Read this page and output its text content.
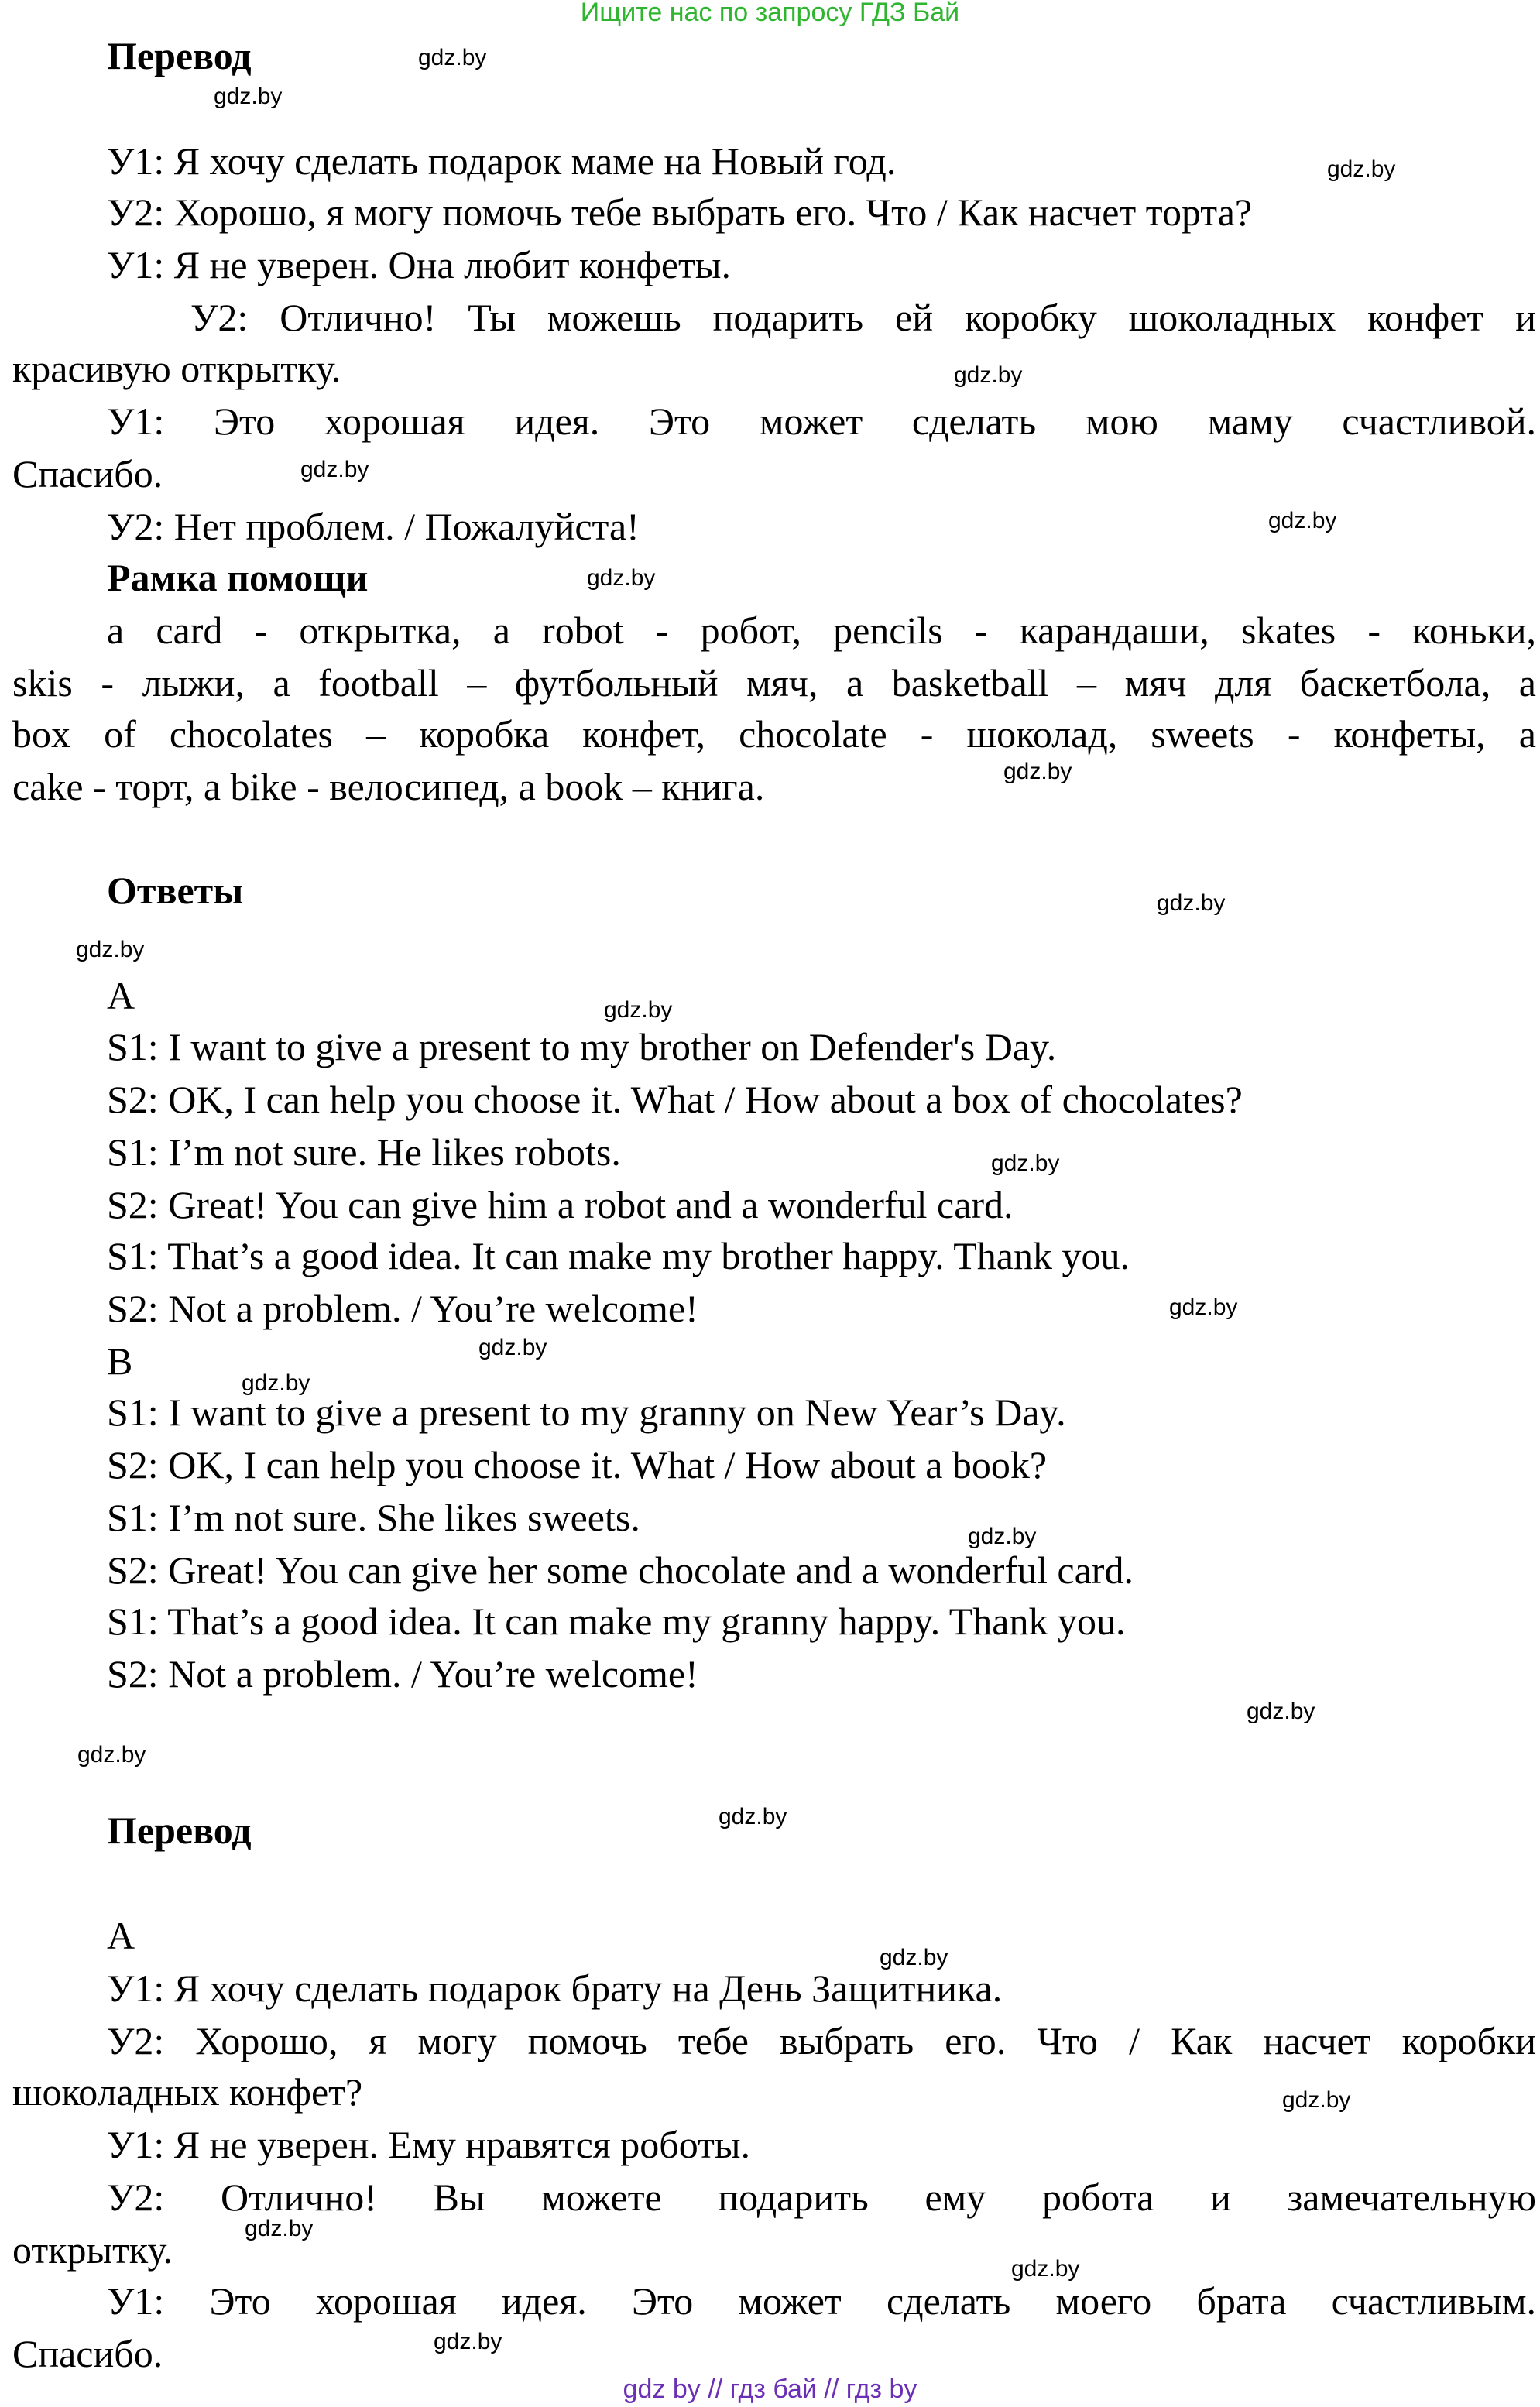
Ищите нас по запросу ГДЗ Бай
Перевод
У1: Я хочу сделать подарок маме на Новый год.
У2: Хорошо, я могу помочь тебе выбрать его. Что / Как насчет торта?
У1: Я не уверен. Она любит конфеты.
У2: Отлично! Ты можешь подарить ей коробку шоколадных конфет и
красивую открытку.
У1: Это хорошая идея. Это может сделать мою маму счастливой.
Спасибо.
У2: Нет проблем. / Пожалуйста!
Рамка помощи
a card - открытка, a robot - робот, pencils - карандаши, skates - коньки,
skis - лыжи, a football – футбольный мяч, a basketball – мяч для баскетбола, а
box of chocolates – коробка конфет, chocolate - шоколад, sweets - конфеты, a
cake - торт, a bike - велосипед, a book – книга.
Ответы
A
S1: I want to give a present to my brother on Defender's Day.
S2: OK, I can help you choose it. What / How about a box of chocolates?
S1: I’m not sure. He likes robots.
S2: Great! You can give him a robot and a wonderful card.
S1: That’s a good idea. It can make my brother happy. Thank you.
S2: Not a problem. / You’re welcome!
B
S1: I want to give a present to my granny on New Year’s Day.
S2: OK, I can help you choose it. What / How about a book?
S1: I’m not sure. She likes sweets.
S2: Great! You can give her some chocolate and a wonderful card.
S1: That’s a good idea. It can make my granny happy. Thank you.
S2: Not a problem. / You’re welcome!
Перевод
А
У1: Я хочу сделать подарок брату на День Защитника.
У2: Хорошо, я могу помочь тебе выбрать его. Что / Как насчет коробки
шоколадных конфет?
У1: Я не уверен. Ему нравятся роботы.
У2: Отлично! Вы можете подарить ему робота и замечательную
открытку.
У1: Это хорошая идея. Это может сделать моего брата счастливым.
Спасибо.
gdz.by
gdz.by
gdz.by
gdz.by
gdz.by
gdz.by
gdz.by
gdz.by
gdz.by
gdz.by
gdz.by
gdz.by
gdz.by
gdz.by
gdz.by
gdz.by
gdz.by
gdz.by
gdz.by
gdz.by
gdz.by
gdz.by
gdz.by
gdz.by
gdz by // гдз бай // гдз by
